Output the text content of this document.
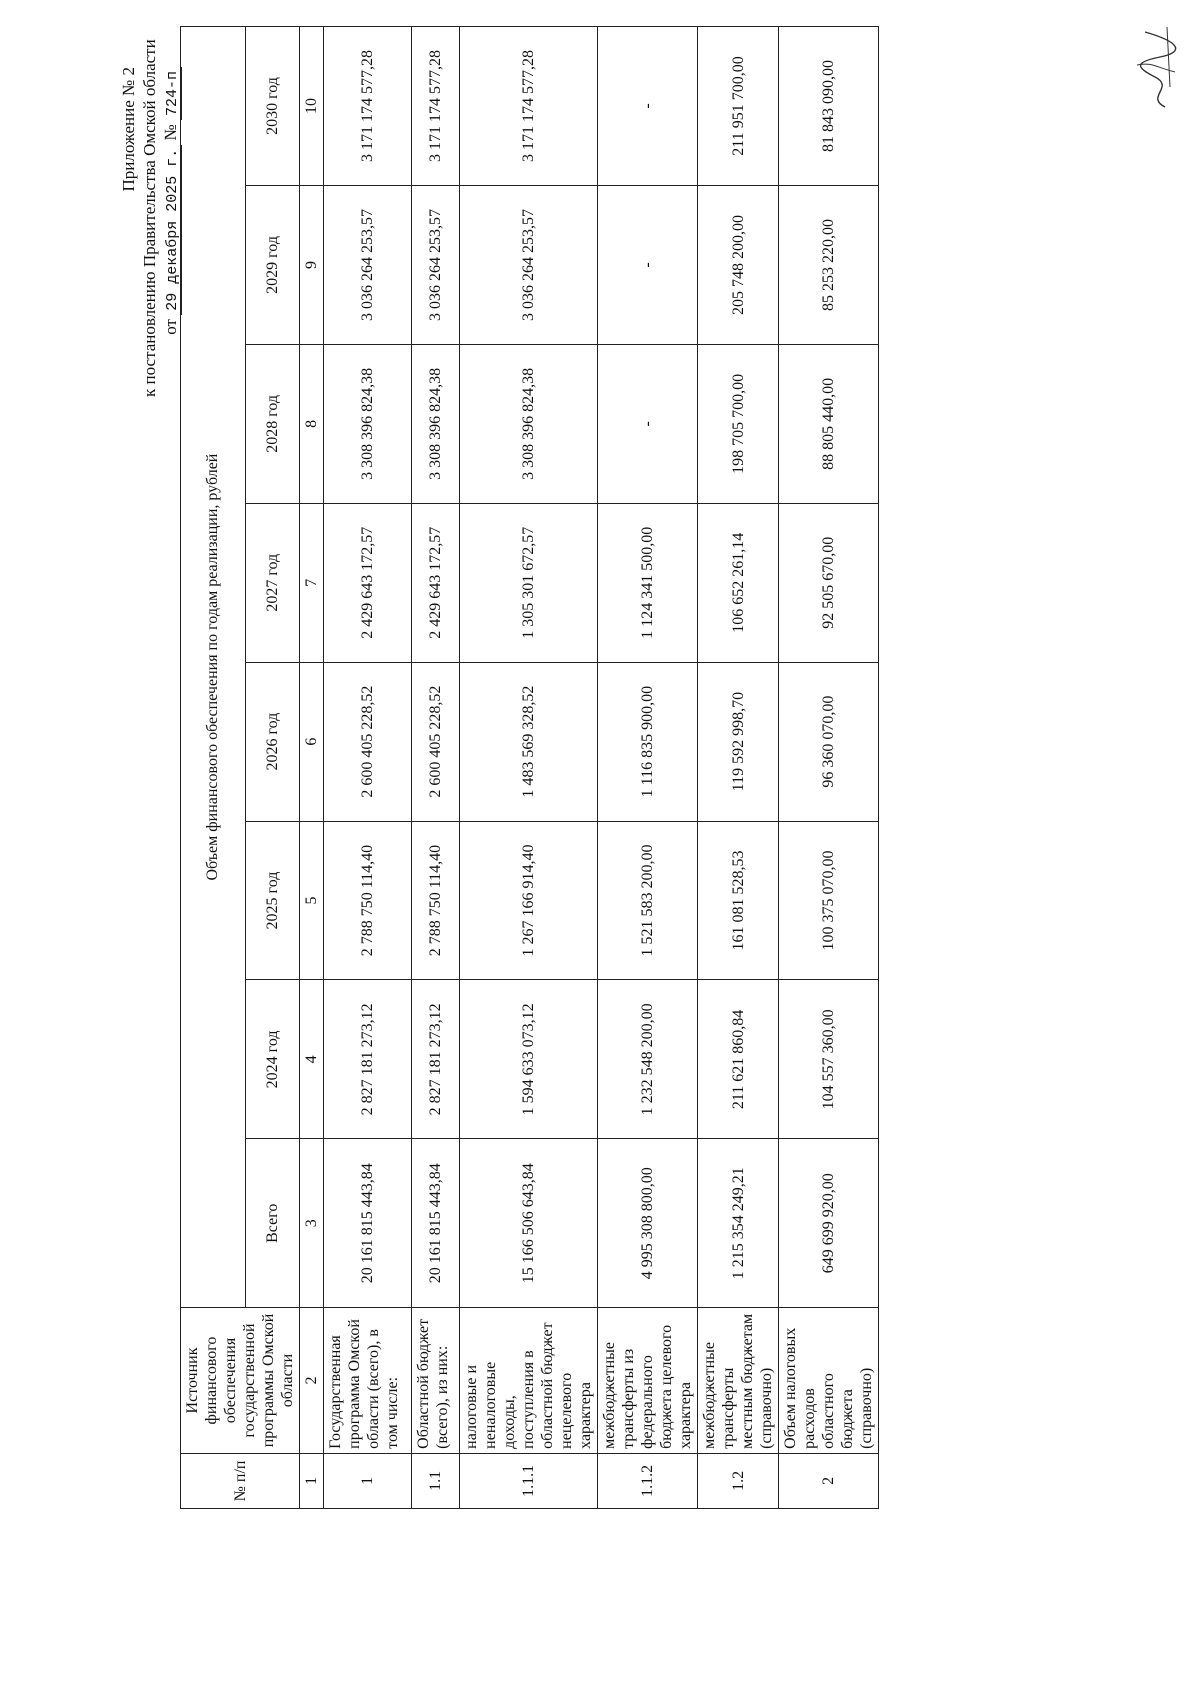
Приложение № 2 к постановлению Правительства Омской области от 29 декабря 2025 г. № 724-п
№ п/п	Источник финансового обеспечения государственной программы Омской области	Объем финансового обеспечения по годам реализации, рублей							
		Всего	2024 год	2025 год	2026 год	2027 год	2028 год	2029 год	2030 год
1	2	3	4	5	6	7	8	9	10
1	Государственная программа Омской области (всего), в том числе:	20 161 815 443,84	2 827 181 273,12	2 788 750 114,40	2 600 405 228,52	2 429 643 172,57	3 308 396 824,38	3 036 264 253,57	3 171 174 577,28
1.1	Областной бюджет (всего), из них:	20 161 815 443,84	2 827 181 273,12	2 788 750 114,40	2 600 405 228,52	2 429 643 172,57	3 308 396 824,38	3 036 264 253,57	3 171 174 577,28
1.1.1	налоговые и неналоговые доходы, поступления в областной бюджет нецелевого характера	15 166 506 643,84	1 594 633 073,12	1 267 166 914,40	1 483 569 328,52	1 305 301 672,57	3 308 396 824,38	3 036 264 253,57	3 171 174 577,28
1.1.2	межбюджетные трансферты из федерального бюджета целевого характера	4 995 308 800,00	1 232 548 200,00	1 521 583 200,00	1 116 835 900,00	1 124 341 500,00	-	-	-
1.2	межбюджетные трансферты местным бюджетам (справочно)	1 215 354 249,21	211 621 860,84	161 081 528,53	119 592 998,70	106 652 261,14	198 705 700,00	205 748 200,00	211 951 700,00
2	Объем налоговых расходов областного бюджета (справочно)	649 699 920,00	104 557 360,00	100 375 070,00	96 360 070,00	92 505 670,00	88 805 440,00	85 253 220,00	81 843 090,00
